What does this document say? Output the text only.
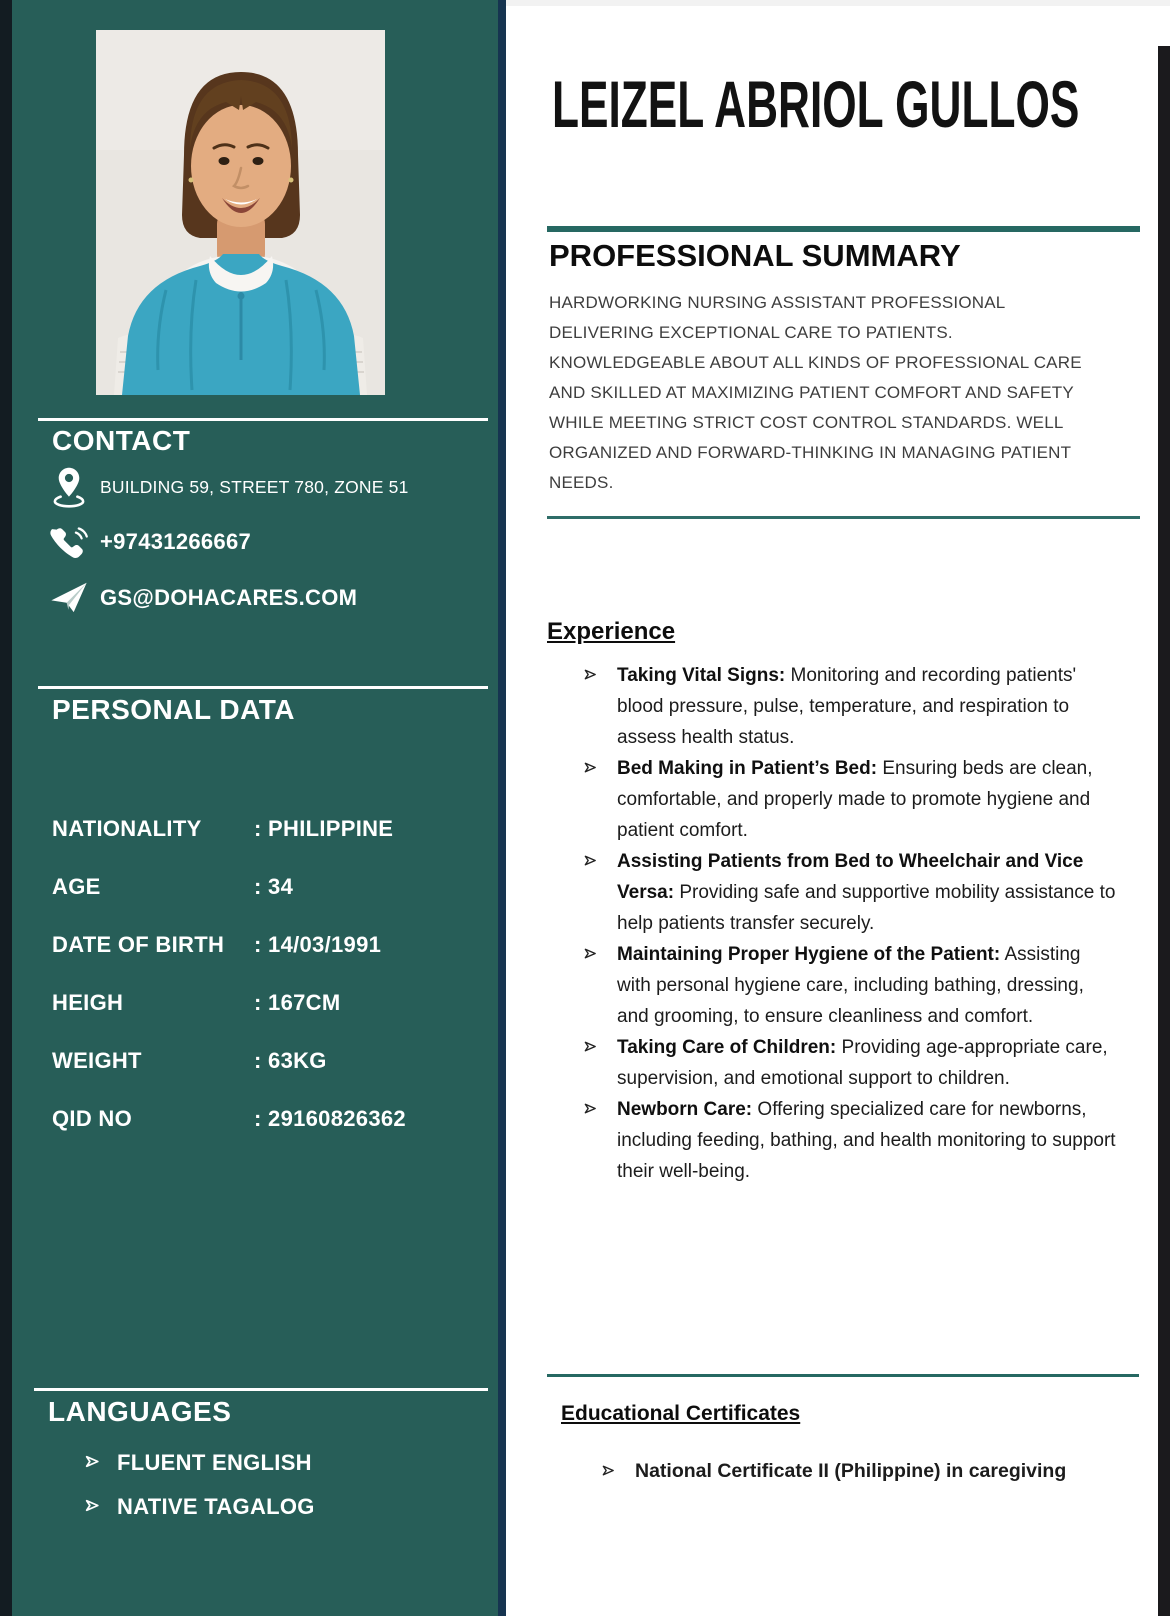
CONTACT
BUILDING 59, STREET 780, ZONE 51
+97431266667
GS@DOHACARES.COM
PERSONAL DATA
NATIONALITY	: PHILIPPINE
AGE	: 34
DATE OF BIRTH	: 14/03/1991
HEIGH	: 167CM
WEIGHT	: 63KG
QID NO	: 29160826362
LANGUAGES
FLUENT ENGLISH
NATIVE TAGALOG
LEIZEL ABRIOL GULLOS
PROFESSIONAL SUMMARY
HARDWORKING NURSING ASSISTANT PROFESSIONAL DELIVERING EXCEPTIONAL CARE TO PATIENTS. KNOWLEDGEABLE ABOUT ALL KINDS OF PROFESSIONAL CARE AND SKILLED AT MAXIMIZING PATIENT COMFORT AND SAFETY WHILE MEETING STRICT COST CONTROL STANDARDS. WELL ORGANIZED AND FORWARD-THINKING IN MANAGING PATIENT NEEDS.
Experience

Taking Vital Signs: Monitoring and recording patients' blood pressure, pulse, temperature, and respiration to assess health status.

Bed Making in Patient’s Bed: Ensuring beds are clean, comfortable, and properly made to promote hygiene and patient comfort.

Assisting Patients from Bed to Wheelchair and Vice Versa: Providing safe and supportive mobility assistance to help patients transfer securely.

Maintaining Proper Hygiene of the Patient: Assisting with personal hygiene care, including bathing, dressing, and grooming, to ensure cleanliness and comfort.

Taking Care of Children: Providing age-appropriate care, supervision, and emotional support to children.

Newborn Care: Offering specialized care for newborns, including feeding, bathing, and health monitoring to support their well-being.

Educational Certificates

National Certificate II (Philippine) in caregiving
